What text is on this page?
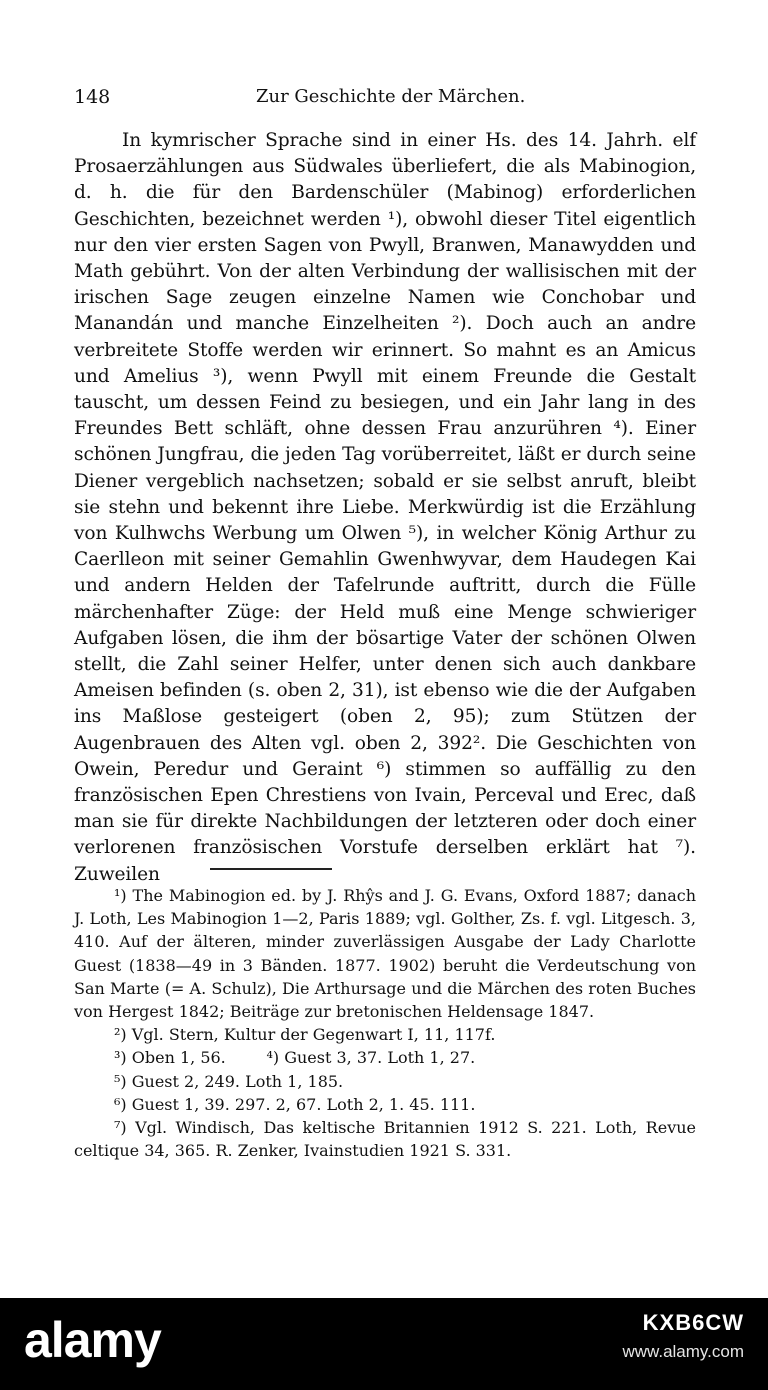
148	Zur Geschichte der Märchen.

In kymrischer Sprache sind in einer Hs. des 14. Jahrh. elf Prosaerzählungen aus Südwales überliefert, die als Mabinogion, d. h. die für den Bardenschüler (Mabinog) erforderlichen Geschichten, bezeichnet werden ¹), obwohl dieser Titel eigentlich nur den vier ersten Sagen von Pwyll, Branwen, Manawydden und Math gebührt. Von der alten Verbindung der wallisischen mit der irischen Sage zeugen einzelne Namen wie Conchobar und Manandán und manche Einzelheiten ²). Doch auch an andre verbreitete Stoffe werden wir erinnert. So mahnt es an Amicus und Amelius ³), wenn Pwyll mit einem Freunde die Gestalt tauscht, um dessen Feind zu besiegen, und ein Jahr lang in des Freundes Bett schläft, ohne dessen Frau anzurühren ⁴). Einer schönen Jungfrau, die jeden Tag vorüberreitet, läßt er durch seine Diener vergeblich nachsetzen; sobald er sie selbst anruft, bleibt sie stehn und bekennt ihre Liebe. Merkwürdig ist die Erzählung von Kulhwchs Werbung um Olwen ⁵), in welcher König Arthur zu Caerlleon mit seiner Gemahlin Gwenhwyvar, dem Haudegen Kai und andern Helden der Tafelrunde auftritt, durch die Fülle märchenhafter Züge: der Held muß eine Menge schwieriger Aufgaben lösen, die ihm der bösartige Vater der schönen Olwen stellt, die Zahl seiner Helfer, unter denen sich auch dankbare Ameisen befinden (s. oben 2, 31), ist ebenso wie die der Aufgaben ins Maßlose gesteigert (oben 2, 95); zum Stützen der Augenbrauen des Alten vgl. oben 2, 392². Die Geschichten von Owein, Peredur und Geraint ⁶) stimmen so auffällig zu den französischen Epen Chrestiens von Ivain, Perceval und Erec, daß man sie für direkte Nachbildungen der letzteren oder doch einer verlorenen französischen Vorstufe derselben erklärt hat ⁷). Zuweilen

¹) The Mabinogion ed. by J. Rhŷs and J. G. Evans, Oxford 1887; danach J. Loth, Les Mabinogion 1—2, Paris 1889; vgl. Golther, Zs. f. vgl. Litgesch. 3, 410. Auf der älteren, minder zuverlässigen Ausgabe der Lady Charlotte Guest (1838—49 in 3 Bänden. 1877. 1902) beruht die Verdeutschung von San Marte (= A. Schulz), Die Arthursage und die Märchen des roten Buches von Hergest 1842; Beiträge zur bretonischen Heldensage 1847.

²) Vgl. Stern, Kultur der Gegenwart I, 11, 117f.

³) Oben 1, 56.        ⁴) Guest 3, 37. Loth 1, 27.

⁵) Guest 2, 249. Loth 1, 185.

⁶) Guest 1, 39. 297. 2, 67. Loth 2, 1. 45. 111.

⁷) Vgl. Windisch, Das keltische Britannien 1912 S. 221. Loth, Revue celtique 34, 365. R. Zenker, Ivainstudien 1921 S. 331.

alamy	KXB6CW
www.alamy.com
